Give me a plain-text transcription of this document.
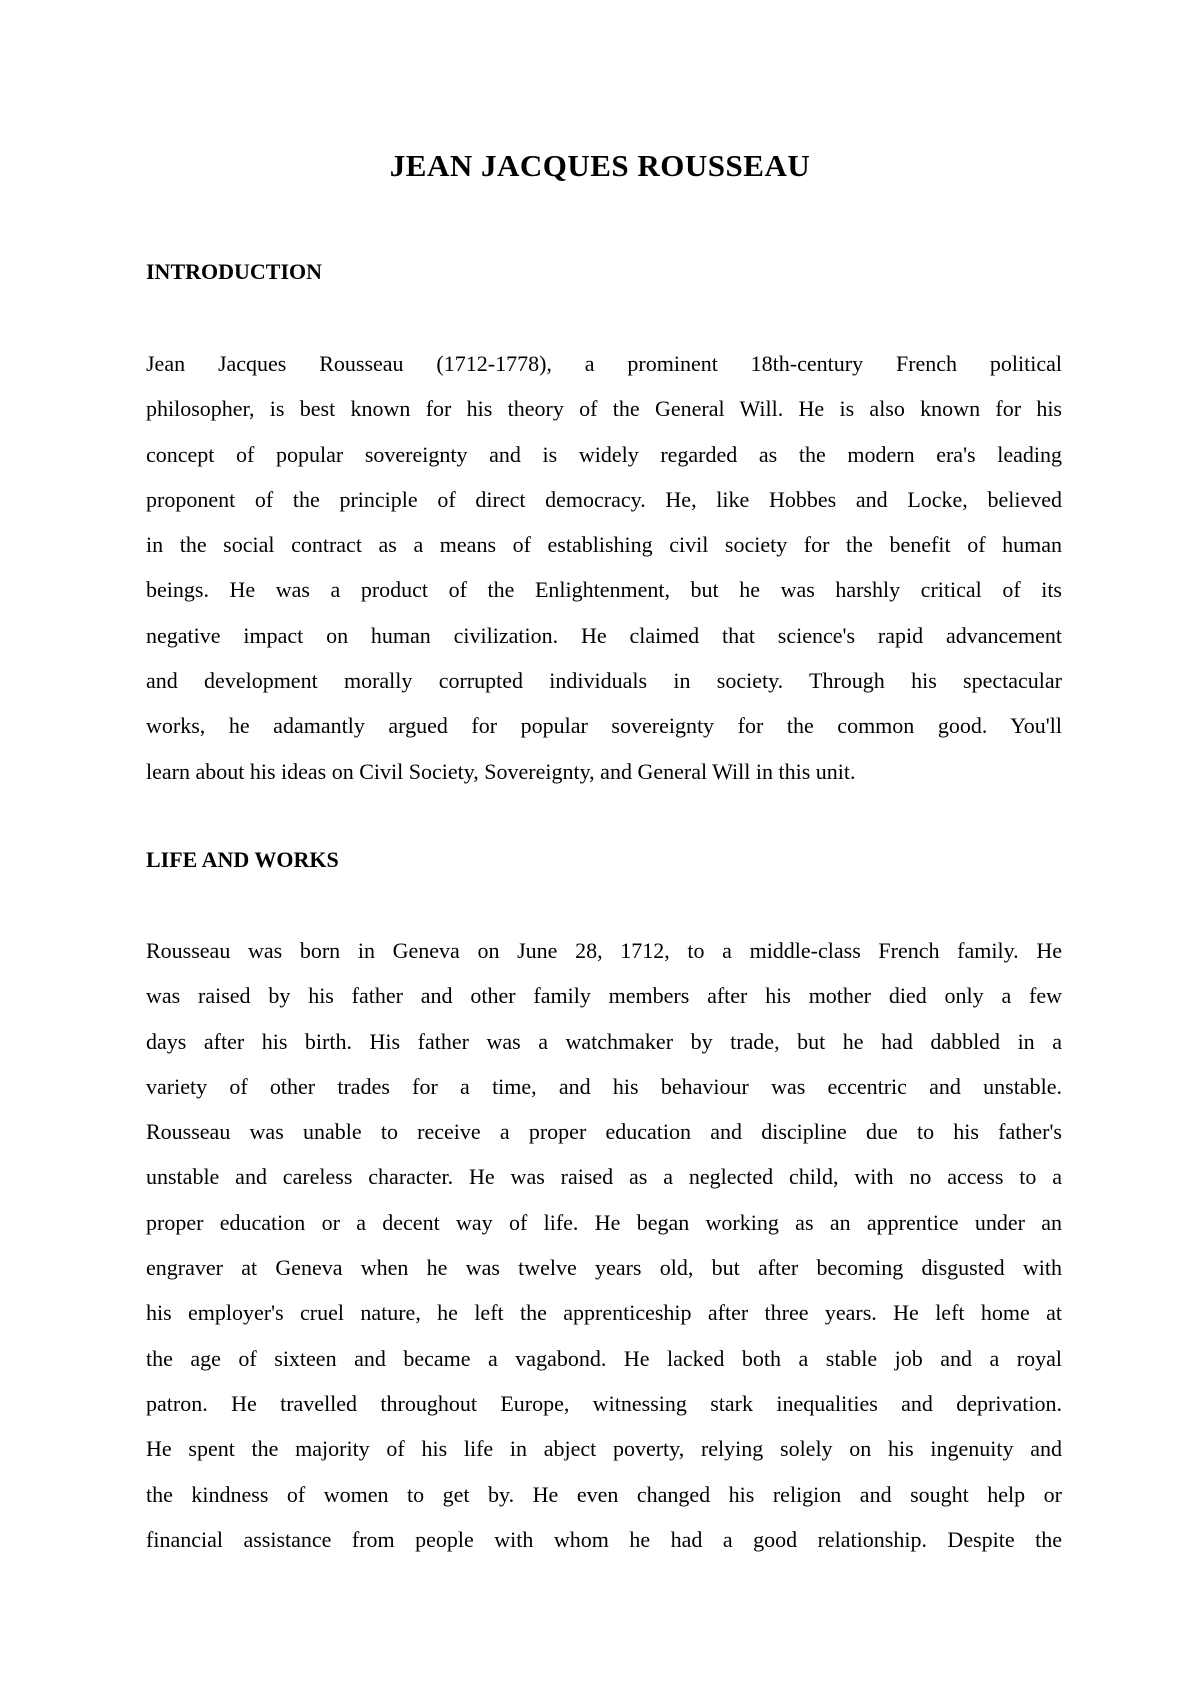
JEAN JACQUES ROUSSEAU
INTRODUCTION
Jean Jacques Rousseau (1712-1778), a prominent 18th-century French political
philosopher, is best known for his theory of the General Will. He is also known for his
concept of popular sovereignty and is widely regarded as the modern era's leading
proponent of the principle of direct democracy. He, like Hobbes and Locke, believed
in the social contract as a means of establishing civil society for the benefit of human
beings. He was a product of the Enlightenment, but he was harshly critical of its
negative impact on human civilization. He claimed that science's rapid advancement
and development morally corrupted individuals in society. Through his spectacular
works, he adamantly argued for popular sovereignty for the common good. You'll
learn about his ideas on Civil Society, Sovereignty, and General Will in this unit.
LIFE AND WORKS
Rousseau was born in Geneva on June 28, 1712, to a middle-class French family. He
was raised by his father and other family members after his mother died only a few
days after his birth. His father was a watchmaker by trade, but he had dabbled in a
variety of other trades for a time, and his behaviour was eccentric and unstable.
Rousseau was unable to receive a proper education and discipline due to his father's
unstable and careless character. He was raised as a neglected child, with no access to a
proper education or a decent way of life. He began working as an apprentice under an
engraver at Geneva when he was twelve years old, but after becoming disgusted with
his employer's cruel nature, he left the apprenticeship after three years. He left home at
the age of sixteen and became a vagabond. He lacked both a stable job and a royal
patron. He travelled throughout Europe, witnessing stark inequalities and deprivation.
He spent the majority of his life in abject poverty, relying solely on his ingenuity and
the kindness of women to get by. He even changed his religion and sought help or
financial assistance from people with whom he had a good relationship. Despite the
